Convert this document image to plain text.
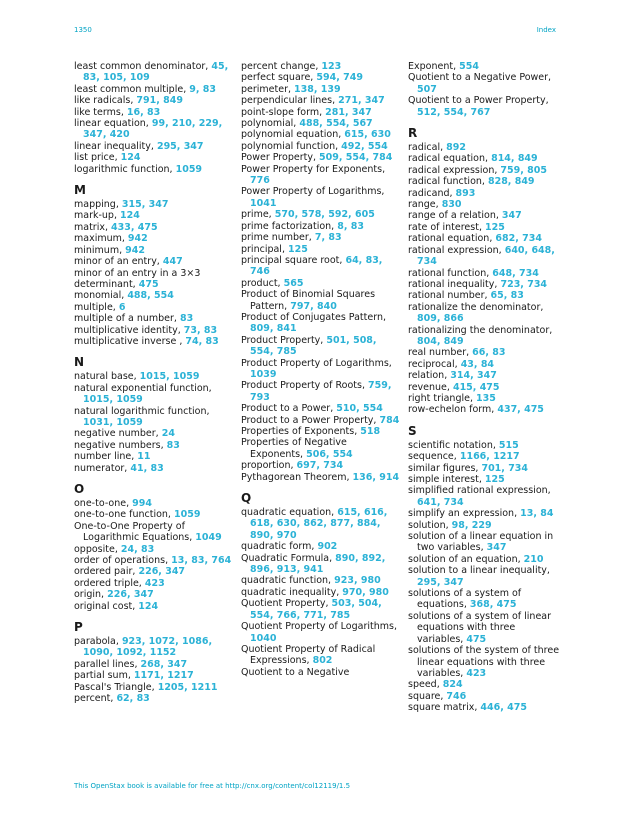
1350	Index
least common denominator, 45, 83, 105, 109
least common multiple, 9, 83
like radicals, 791, 849
like terms, 16, 83
linear equation, 99, 210, 229, 347, 420
linear inequality, 295, 347
list price, 124
logarithmic function, 1059
M
mapping, 315, 347
mark-up, 124
matrix, 433, 475
maximum, 942
minimum, 942
minor of an entry, 447
minor of an entry in a 3×3
determinant, 475
monomial, 488, 554
multiple, 6
multiple of a number, 83
multiplicative identity, 73, 83
multiplicative inverse , 74, 83
N
natural base, 1015, 1059
natural exponential function, 1015, 1059
natural logarithmic function, 1031, 1059
negative number, 24
negative numbers, 83
number line, 11
numerator, 41, 83
O
one-to-one, 994
one-to-one function, 1059
One-to-One Property of Logarithmic Equations, 1049
opposite, 24, 83
order of operations, 13, 83, 764
ordered pair, 226, 347
ordered triple, 423
origin, 226, 347
original cost, 124
P
parabola, 923, 1072, 1086, 1090, 1092, 1152
parallel lines, 268, 347
partial sum, 1171, 1217
Pascal's Triangle, 1205, 1211
percent, 62, 83
percent change, 123
perfect square, 594, 749
perimeter, 138, 139
perpendicular lines, 271, 347
point-slope form, 281, 347
polynomial, 488, 554, 567
polynomial equation, 615, 630
polynomial function, 492, 554
Power Property, 509, 554, 784
Power Property for Exponents, 776
Power Property of Logarithms, 1041
prime, 570, 578, 592, 605
prime factorization, 8, 83
prime number, 7, 83
principal, 125
principal square root, 64, 83, 746
product, 565
Product of Binomial Squares Pattern, 797, 840
Product of Conjugates Pattern, 809, 841
Product Property, 501, 508, 554, 785
Product Property of Logarithms, 1039
Product Property of Roots, 759, 793
Product to a Power, 510, 554
Product to a Power Property, 784
Properties of Exponents, 518
Properties of Negative Exponents, 506, 554
proportion, 697, 734
Pythagorean Theorem, 136, 914
Q
quadratic equation, 615, 616, 618, 630, 862, 877, 884, 890, 970
quadratic form, 902
Quadratic Formula, 890, 892, 896, 913, 941
quadratic function, 923, 980
quadratic inequality, 970, 980
Quotient Property, 503, 504, 554, 766, 771, 785
Quotient Property of Logarithms, 1040
Quotient Property of Radical Expressions, 802
Quotient to a Negative
Exponent, 554
Quotient to a Negative Power, 507
Quotient to a Power Property, 512, 554, 767
R
radical, 892
radical equation, 814, 849
radical expression, 759, 805
radical function, 828, 849
radicand, 893
range, 830
range of a relation, 347
rate of interest, 125
rational equation, 682, 734
rational expression, 640, 648, 734
rational function, 648, 734
rational inequality, 723, 734
rational number, 65, 83
rationalize the denominator, 809, 866
rationalizing the denominator, 804, 849
real number, 66, 83
reciprocal, 43, 84
relation, 314, 347
revenue, 415, 475
right triangle, 135
row-echelon form, 437, 475
S
scientific notation, 515
sequence, 1166, 1217
similar figures, 701, 734
simple interest, 125
simplified rational expression, 641, 734
simplify an expression, 13, 84
solution, 98, 229
solution of a linear equation in two variables, 347
solution of an equation, 210
solution to a linear inequality, 295, 347
solutions of a system of equations, 368, 475
solutions of a system of linear equations with three variables, 475
solutions of the system of three linear equations with three variables, 423
speed, 824
square, 746
square matrix, 446, 475
This OpenStax book is available for free at http://cnx.org/content/col12119/1.5
